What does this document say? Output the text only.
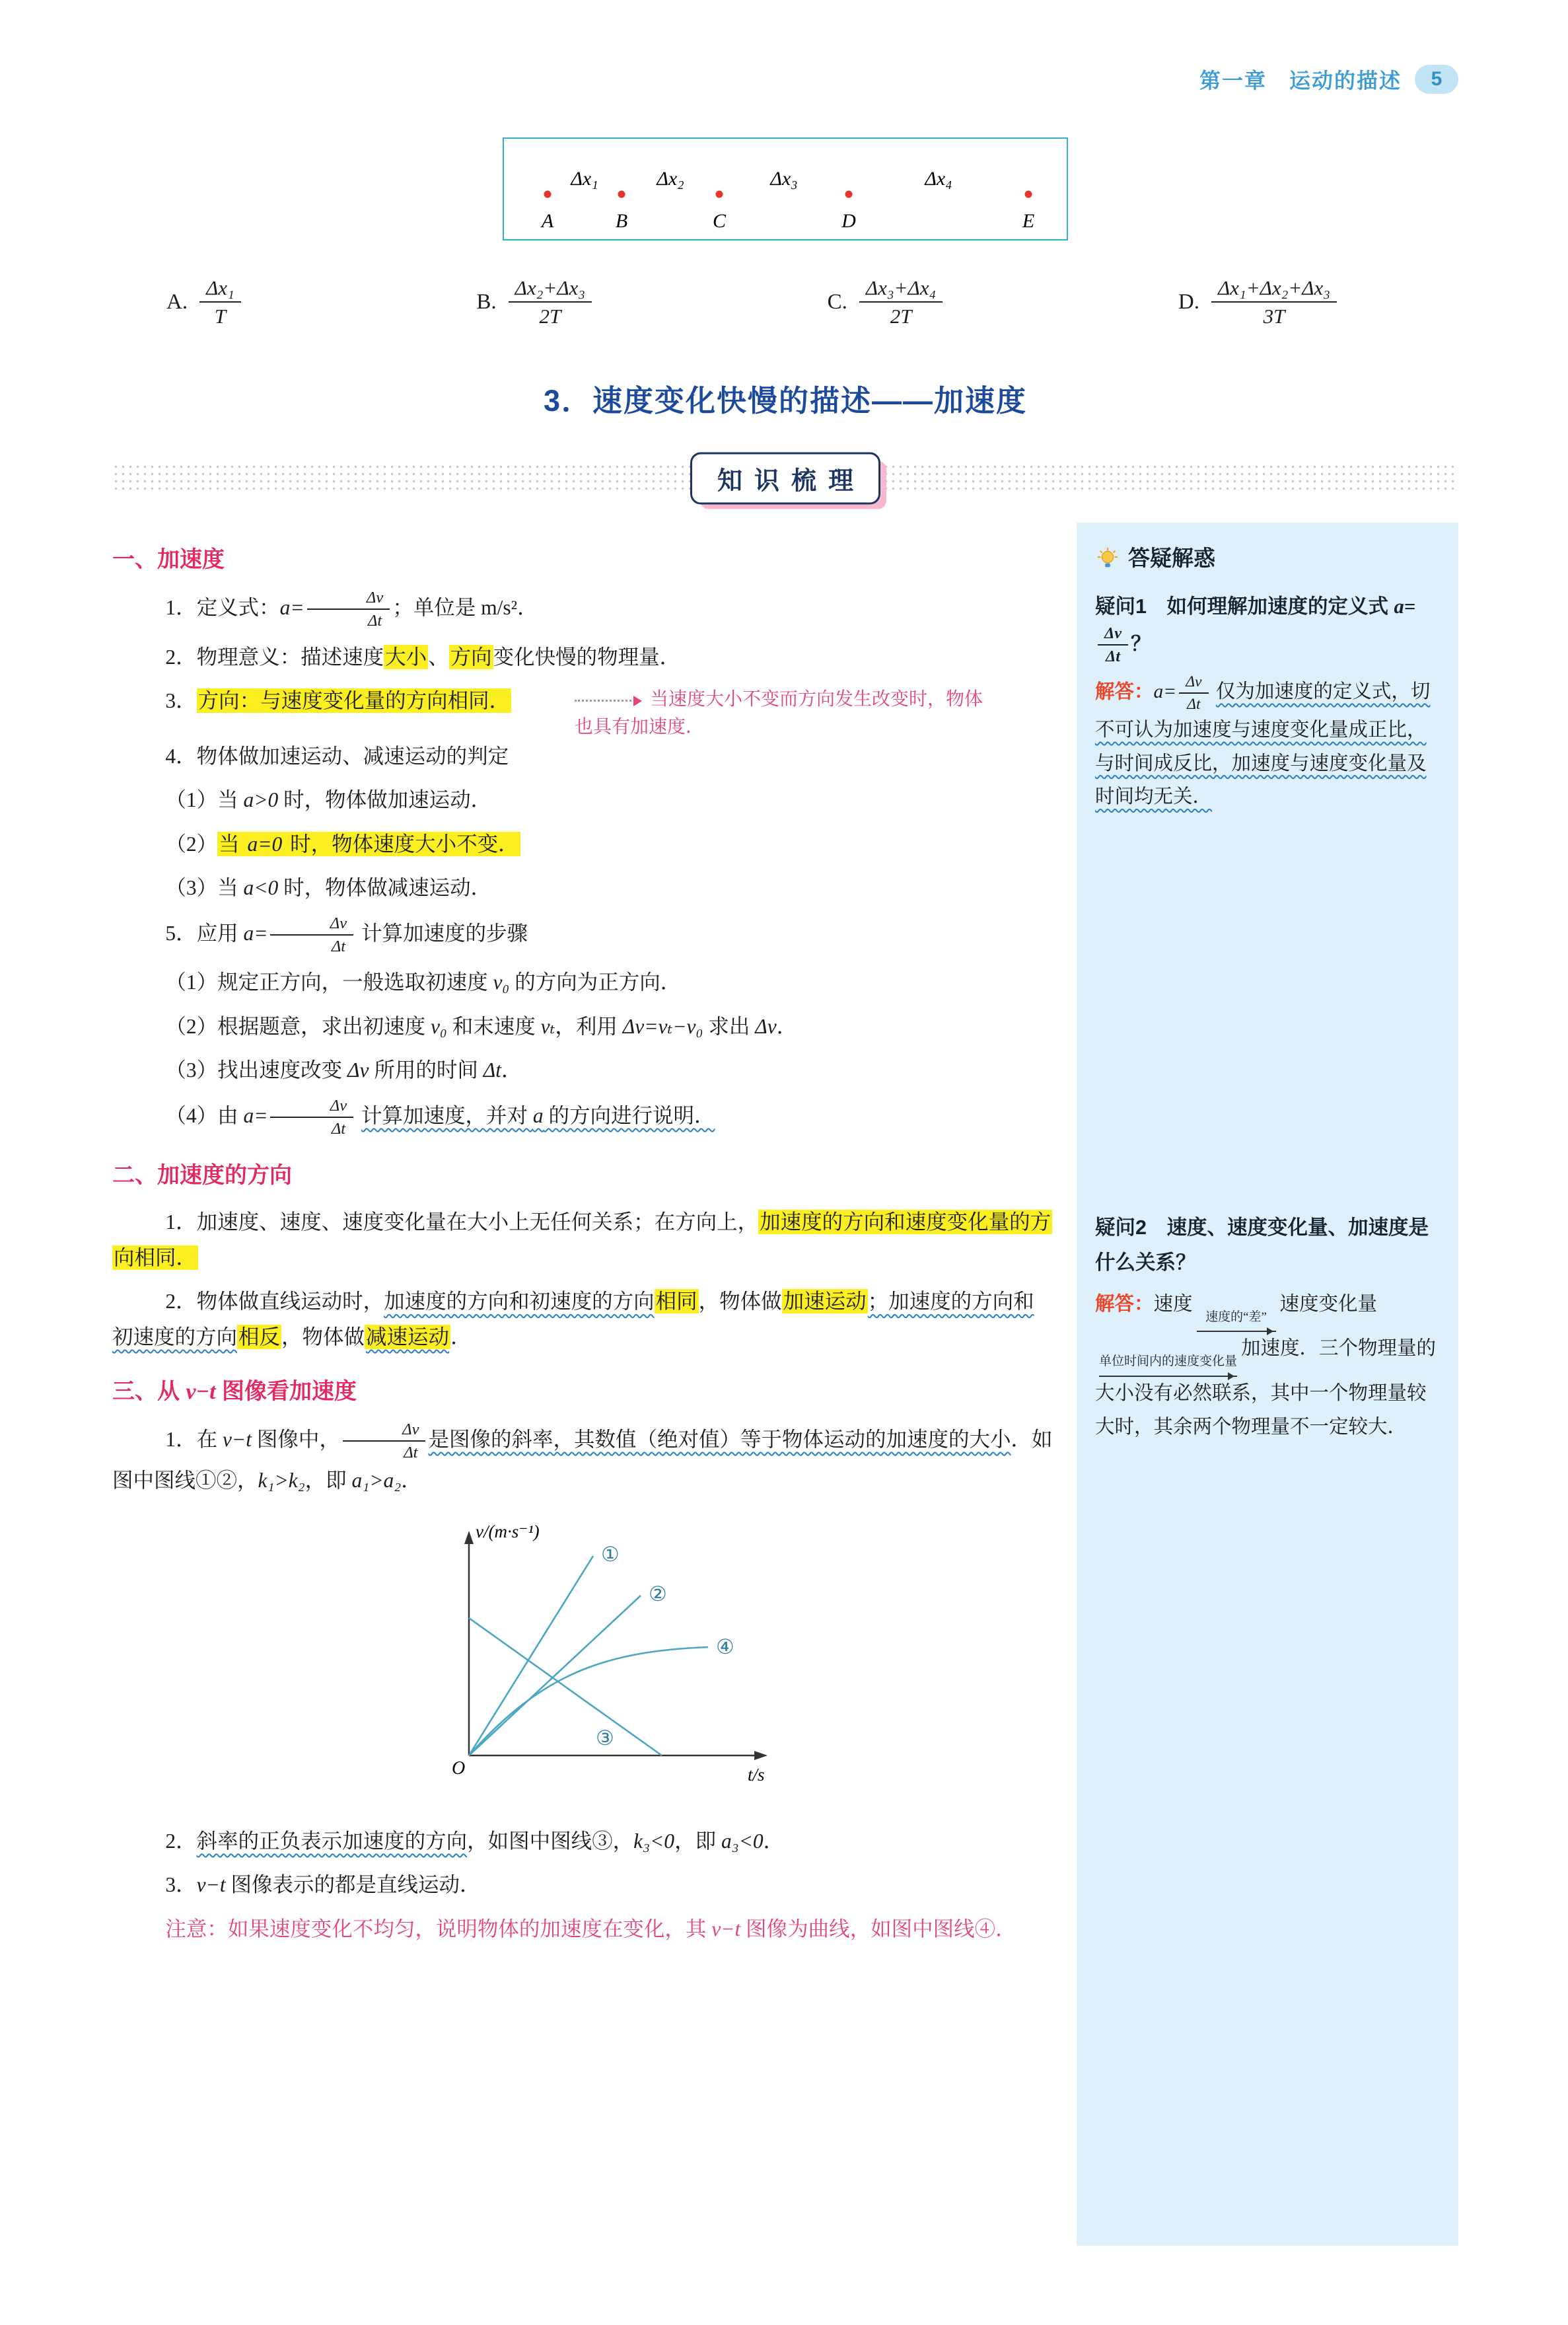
第一章　运动的描述	5
Δx₁	Δx₂	Δx₃	Δx₄
A	B	C	D	E
A. $\frac{\text{Δx₁}}{T}$	B. $\frac{\text{Δx₂+Δx₃}}{2T}$	C. $\frac{\text{Δx₃+Δx₄}}{2T}$	D. $\frac{\text{Δx₁+Δx₂+Δx₃}}{3T}$
3．速度变化快慢的描述——加速度
知识梳理
一、加速度

1．定义式：$a= \frac{\Delta v}{\Delta t}$ ；单位是 m/s²．

2．物理意义：描述速度大小、方向变化快慢的物理量．

3．方向：与速度变化量的方向相同．	当速度大小不变而方向发生改变时，物体也具有加速度．

4．物体做加速运动、减速运动的判定

（1）当 a>0 时，物体做加速运动．

（2）当 a=0 时，物体速度大小不变．

（3）当 a<0 时，物体做减速运动．

5．应用 $a= \frac{\Delta v}{\Delta t}$ 计算加速度的步骤

（1）规定正方向，一般选取初速度 v₀ 的方向为正方向．

（2）根据题意，求出初速度 v₀ 和末速度 vₜ，利用 Δv=vₜ−v₀ 求出 Δv．

（3）找出速度改变 Δv 所用的时间 Δt．

（4）由 $a= \frac{\Delta v}{\Delta t}$ 计算加速度，并对 a 的方向进行说明．

二、加速度的方向

1．加速度、速度、速度变化量在大小上无任何关系；在方向上，加速度的方向和速度变化量的方向相同．

2．物体做直线运动时，加速度的方向和初速度的方向相同，物体做加速运动；加速度的方向和初速度的方向相反，物体做减速运动．

三、从 v−t 图像看加速度

1．在 v−t 图像中， $\frac{\Delta v}{\Delta t}$ 是图像的斜率，其数值（绝对值）等于物体运动的加速度的大小．如图中图线①②，k₁>k₂，即 a₁>a₂．

v/(m·s⁻¹)
t/s
O
①
②
③
④

2．斜率的正负表示加速度的方向，如图中图线③，k₃<0，即 a₃<0．

3．v−t 图像表示的都是直线运动．

注意：如果速度变化不均匀，说明物体的加速度在变化，其 v−t 图像为曲线，如图中图线④．

答疑解惑

疑问1　如何理解加速度的定义式 a=
$\frac{\Delta v}{\Delta t}$ ？

解答：$a= \frac{\Delta v}{\Delta t}$ 仅为加速度的定义式，切不可认为加速度与速度变化量成正比，与时间成反比，加速度与速度变化量及时间均无关．

疑问2　速度、速度变化量、加速度是什么关系？

解答：速度
速度的“差”
速度变化量
单位时间内的速度变化量
加速度．三个物理量的大小没有必然联系，其中一个物理量较大时，其余两个物理量不一定较大．
